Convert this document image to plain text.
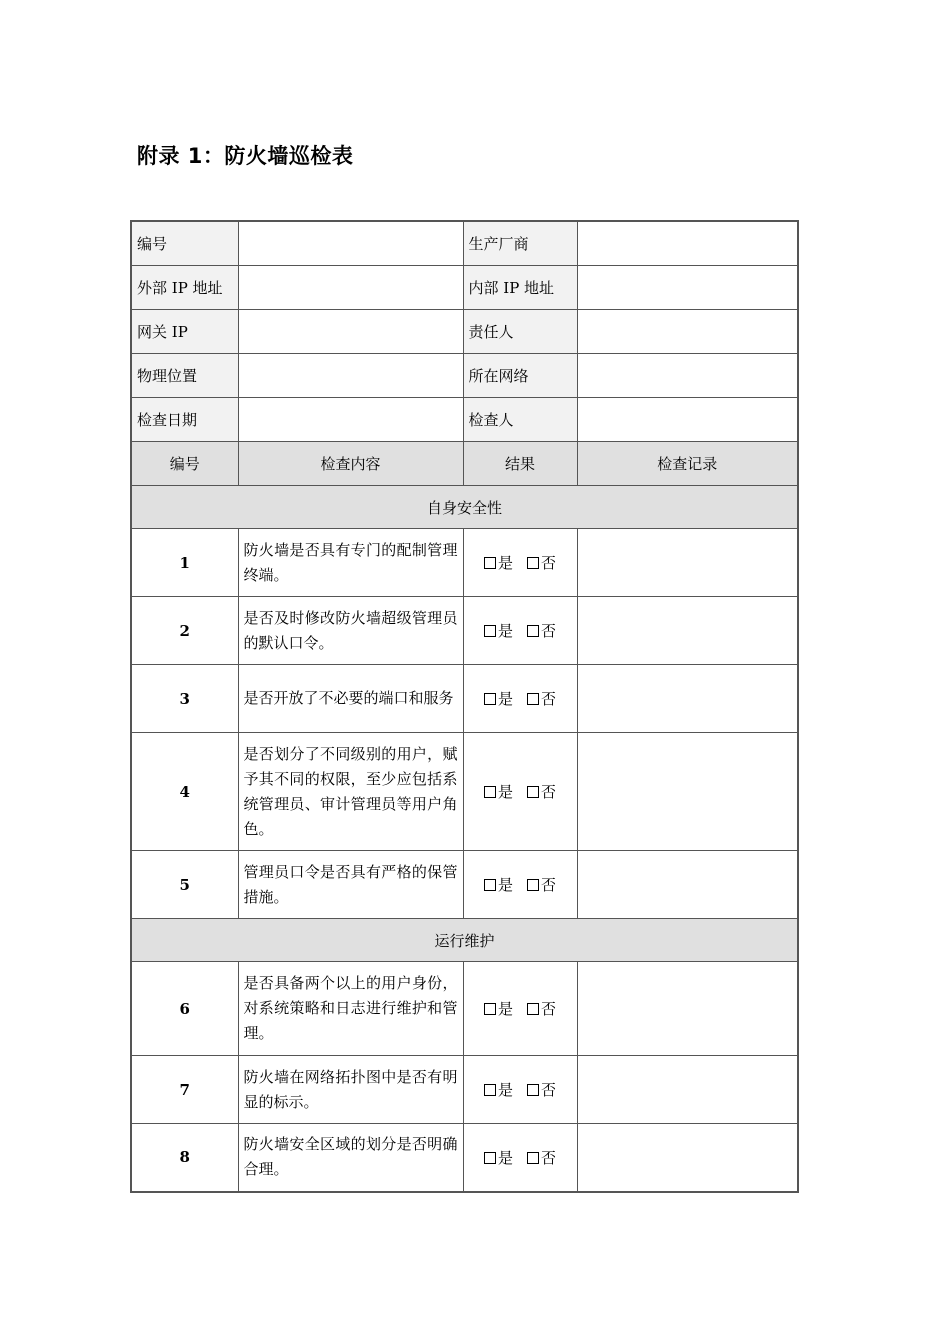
附录 1：防火墙巡检表
编号		生产厂商	
外部 IP 地址		内部 IP 地址	
网关 IP		责任人	
物理位置		所在网络	
检查日期		检查人	
编号	检查内容	结果	检查记录
自身安全性			
1	防火墙是否具有专门的配制管理终端。	是 否	
2	是否及时修改防火墙超级管理员的默认口令。	是 否	
3	是否开放了不必要的端口和服务	是 否	
4	是否划分了不同级别的用户，赋予其不同的权限，至少应包括系统管理员、审计管理员等用户角色。	是 否	
5	管理员口令是否具有严格的保管措施。	是 否	
运行维护			
6	是否具备两个以上的用户身份，对系统策略和日志进行维护和管理。	是 否	
7	防火墙在网络拓扑图中是否有明显的标示。	是 否	
8	防火墙安全区域的划分是否明确合理。	是 否	
